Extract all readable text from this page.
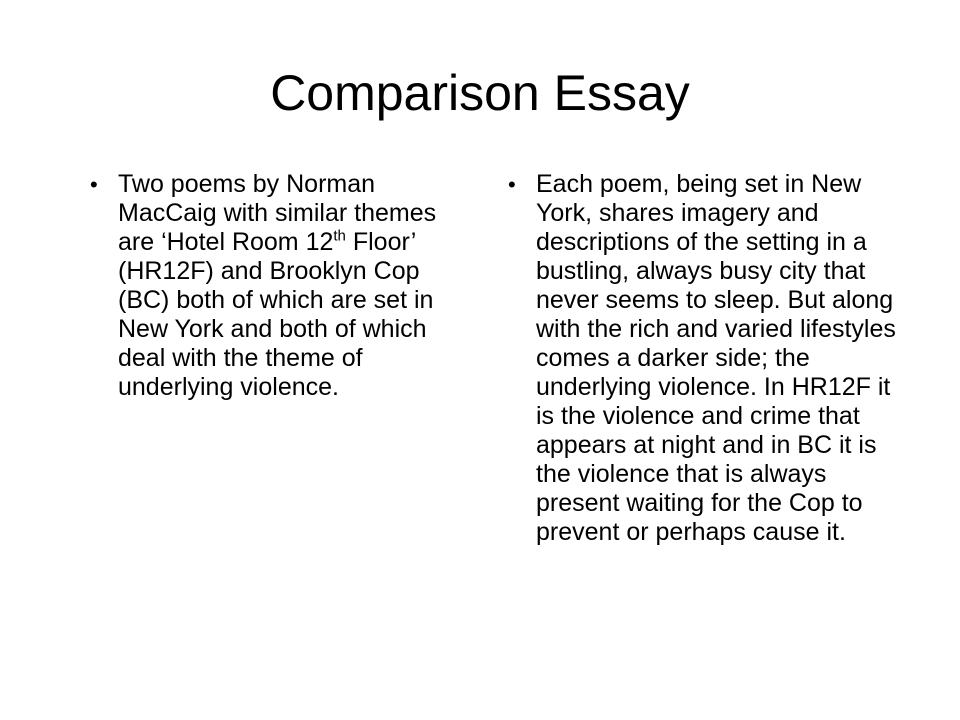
Comparison Essay
• Two poems by Norman MacCaig with similar themes are ‘Hotel Room 12th Floor’ (HR12F) and Brooklyn Cop (BC) both of which are set in New York and both of which deal with the theme of underlying violence.
• Each poem, being set in New York, shares imagery and descriptions of the setting in a bustling, always busy city that never seems to sleep. But along with the rich and varied lifestyles comes a darker side; the underlying violence. In HR12F it is the violence and crime that appears at night and in BC it is the violence that is always present waiting for the Cop to prevent or perhaps cause it.
